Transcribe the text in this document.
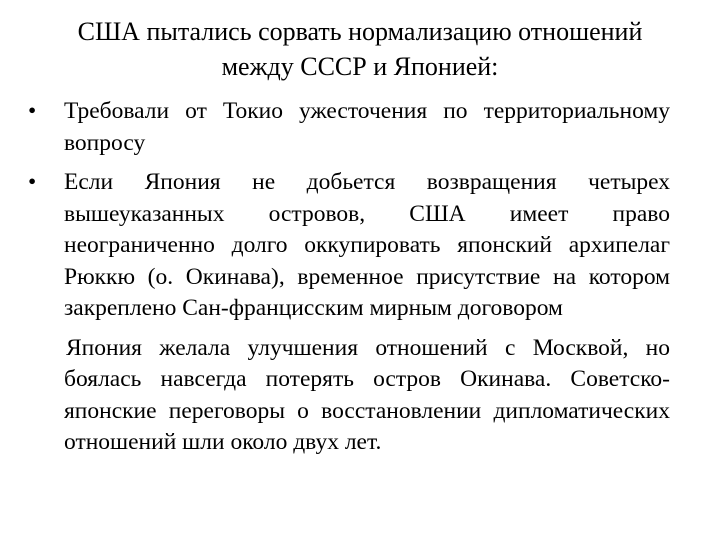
США пытались сорвать нормализацию отношений
между СССР и Японией:
•	Требовали от Токио ужесточения по территориальному вопросу
•	Если Япония не добьется возвращения четырех вышеуказанных островов, США имеет право неограниченно долго оккупировать японский архипелаг Рюккю (о. Окинава), временное присутствие на котором закреплено Сан-францисским мирным договором

Япония желала улучшения отношений с Москвой, но боялась навсегда потерять остров Окинава. Советско-японские переговоры о восстановлении дипломатических отношений шли около двух лет.
